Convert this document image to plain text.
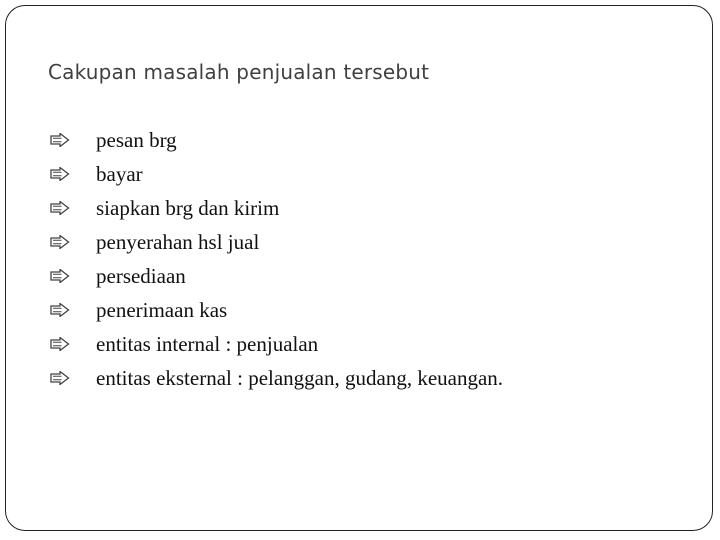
Cakupan masalah penjualan tersebut
pesan brg
bayar
siapkan brg dan kirim
penyerahan hsl jual
persediaan
penerimaan kas
entitas internal : penjualan
entitas eksternal : pelanggan, gudang, keuangan.
